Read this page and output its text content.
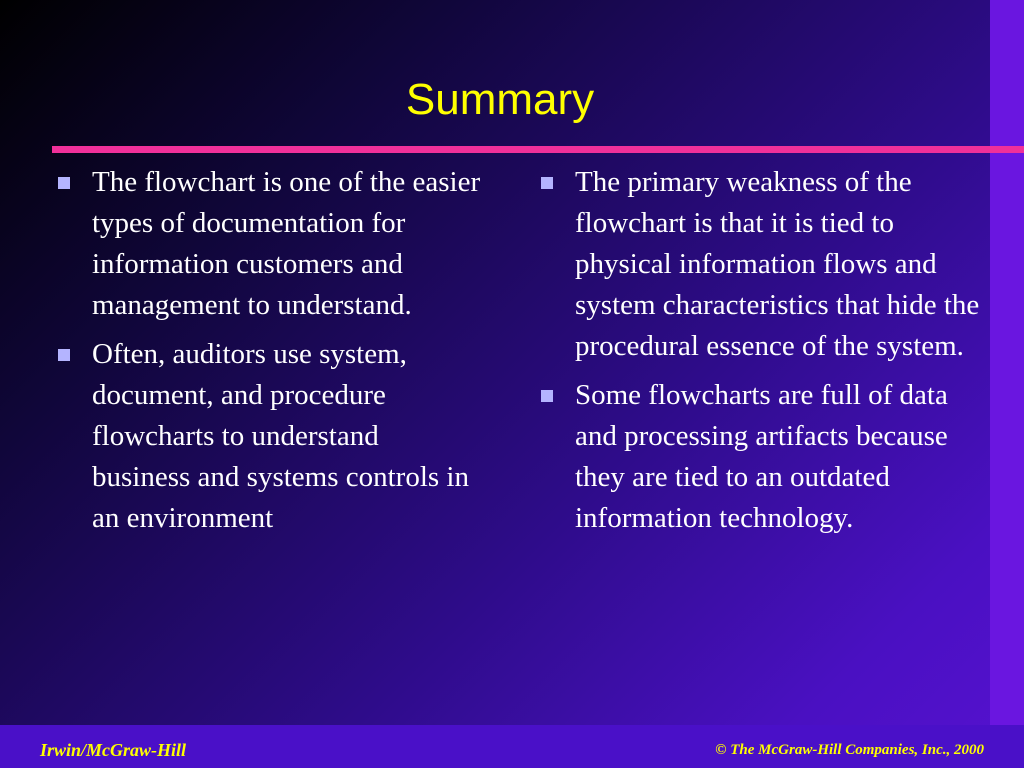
Summary
The flowchart is one of the easier types of documentation for information customers and management to understand.
Often, auditors use system, document, and procedure flowcharts to understand business and systems controls in an environment
The primary weakness of the flowchart is that it is tied to physical information flows and system characteristics that hide the procedural essence of the system.
Some flowcharts are full of data and processing artifacts because they are tied to an outdated information technology.
Irwin/McGraw-Hill	© The McGraw-Hill Companies, Inc., 2000
